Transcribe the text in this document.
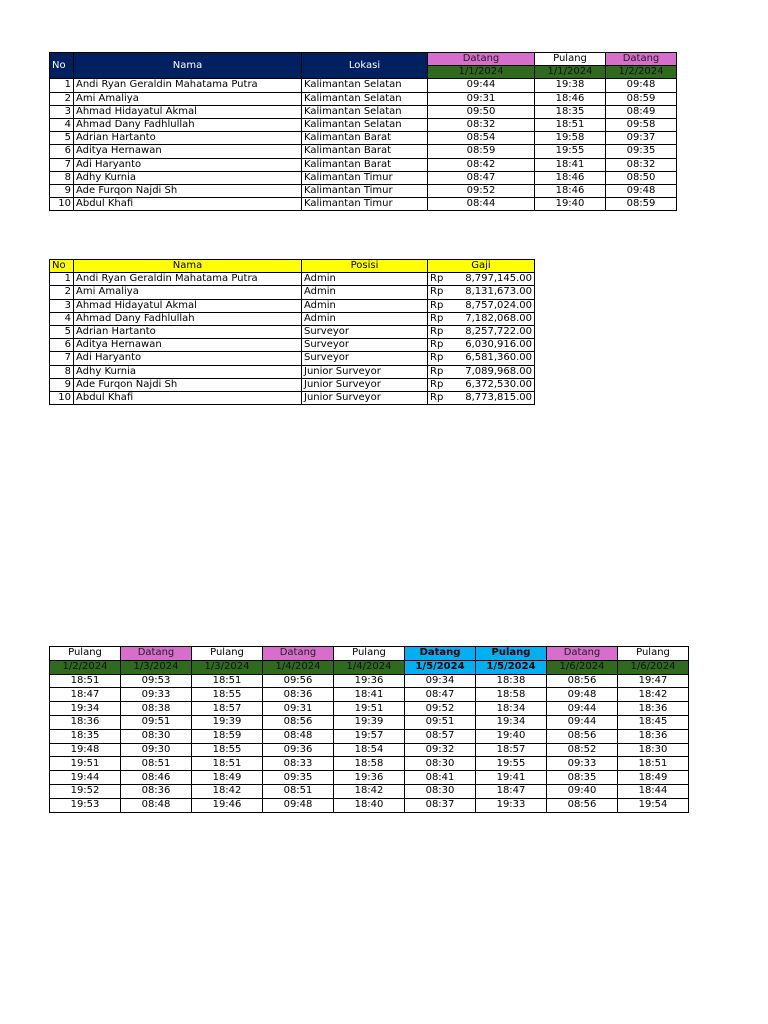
No	Nama	Lokasi	Datang	Pulang	Datang
			1/1/2024	1/1/2024	1/2/2024
1	Andi Ryan Geraldin Mahatama Putra	Kalimantan Selatan	09:44	19:38	09:48
2	Ami Amaliya	Kalimantan Selatan	09:31	18:46	08:59
3	Ahmad Hidayatul Akmal	Kalimantan Selatan	09:50	18:35	08:49
4	Ahmad Dany Fadhlullah	Kalimantan Selatan	08:32	18:51	09:58
5	Adrian Hartanto	Kalimantan Barat	08:54	19:58	09:37
6	Aditya Hernawan	Kalimantan Barat	08:59	19:55	09:35
7	Adi Haryanto	Kalimantan Barat	08:42	18:41	08:32
8	Adhy Kurnia	Kalimantan Timur	08:47	18:46	08:50
9	Ade Furqon Najdi Sh	Kalimantan Timur	09:52	18:46	09:48
10	Abdul Khafi	Kalimantan Timur	08:44	19:40	08:59
No	Nama	Posisi	Gaji
1	Andi Ryan Geraldin Mahatama Putra	Admin	Rp 8,797,145.00

2	Ami Amaliya	Admin	Rp 8,131,673.00

3	Ahmad Hidayatul Akmal	Admin	Rp 8,757,024.00

4	Ahmad Dany Fadhlullah	Admin	Rp 7,182,068.00

5	Adrian Hartanto	Surveyor	Rp 8,257,722.00

6	Aditya Hernawan	Surveyor	Rp 6,030,916.00

7	Adi Haryanto	Surveyor	Rp 6,581,360.00

8	Adhy Kurnia	Junior Surveyor	Rp 7,089,968.00

9	Ade Furqon Najdi Sh	Junior Surveyor	Rp 6,372,530.00

10	Abdul Khafi	Junior Surveyor	Rp 8,773,815.00
Pulang	Datang	Pulang	Datang	Pulang	Datang	Pulang	Datang	Pulang
1/2/2024	1/3/2024	1/3/2024	1/4/2024	1/4/2024	1/5/2024	1/5/2024	1/6/2024	1/6/2024
18:51	09:53	18:51	09:56	19:36	09:34	18:38	08:56	19:47
18:47	09:33	18:55	08:36	18:41	08:47	18:58	09:48	18:42
19:34	08:38	18:57	09:31	19:51	09:52	18:34	09:44	18:36
18:36	09:51	19:39	08:56	19:39	09:51	19:34	09:44	18:45
18:35	08:30	18:59	08:48	19:57	08:57	19:40	08:56	18:36
19:48	09:30	18:55	09:36	18:54	09:32	18:57	08:52	18:30
19:51	08:51	18:51	08:33	18:58	08:30	19:55	09:33	18:51
19:44	08:46	18:49	09:35	19:36	08:41	19:41	08:35	18:49
19:52	08:36	18:42	08:51	18:42	08:30	18:47	09:40	18:44
19:53	08:48	19:46	09:48	18:40	08:37	19:33	08:56	19:54
